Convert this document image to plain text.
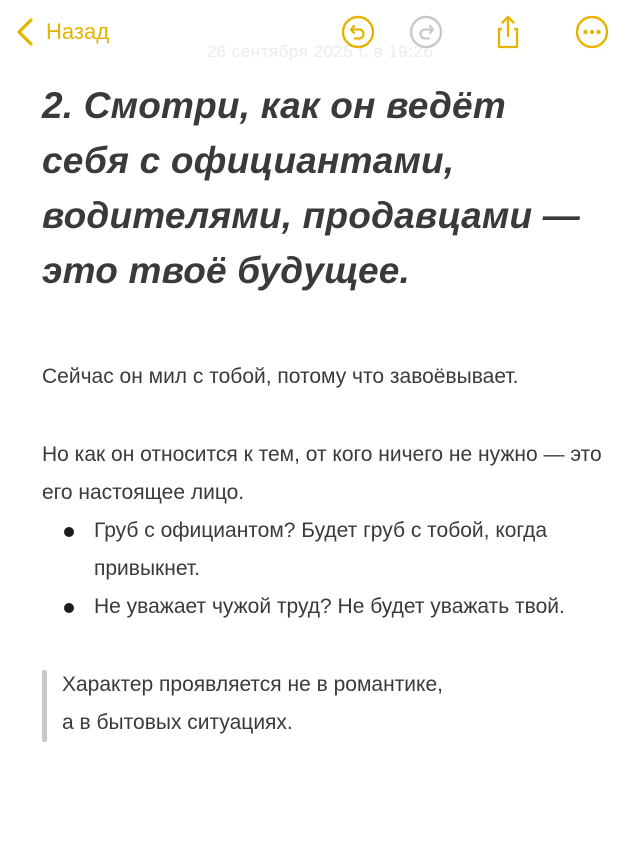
26 сентября 2025 г. в 19:26
Назад
2. Смотри, как он ведёт себя с официантами, водителями, продавцами — это твоё будущее.

Сейчас он мил с тобой, потому что завоёвывает.

Но как он относится к тем, от кого ничего не нужно — это его настоящее лицо.

Груб с официантом? Будет груб с тобой, когда привыкнет.
Не уважает чужой труд? Не будет уважать твой.
Характер проявляется не в романтике,
а в бытовых ситуациях.
